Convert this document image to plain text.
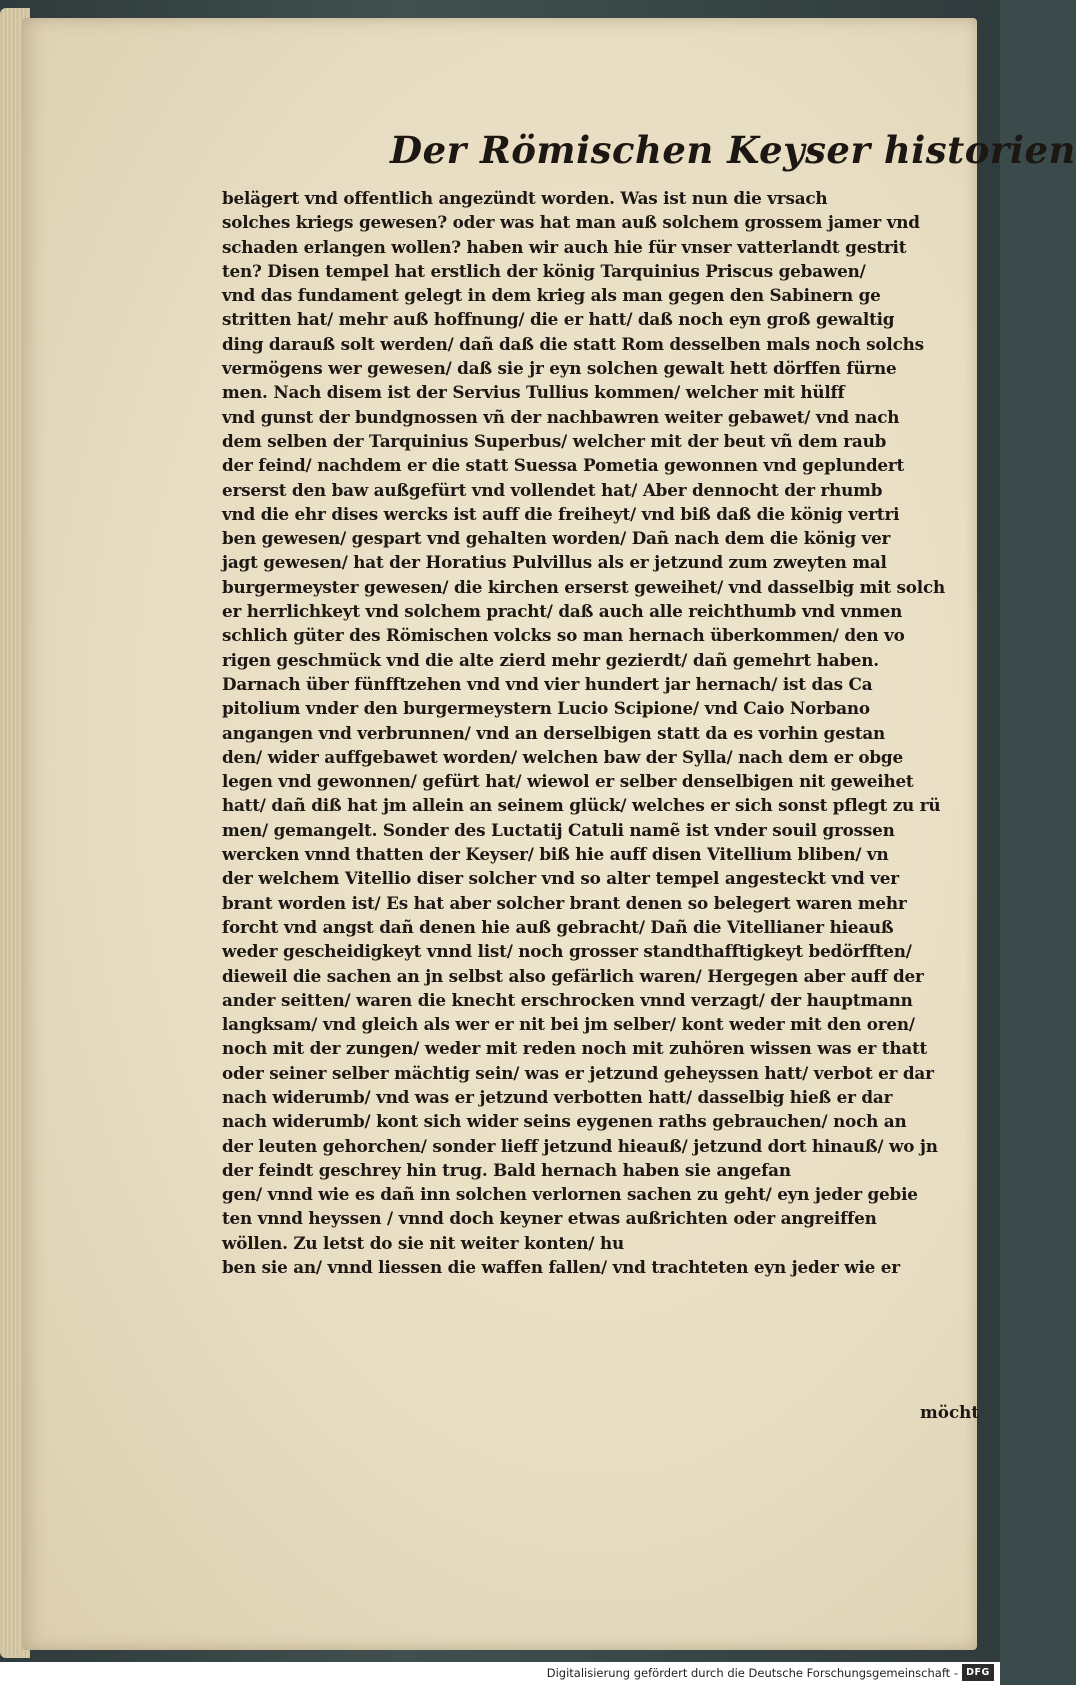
Der Römischen Keyser historien
belägert vnd offentlich angezündt worden. Was ist nun die vrsach
solches kriegs gewesen? oder was hat man auß solchem grossem jamer vnd
schaden erlangen wollen? haben wir auch hie für vnser vatterlandt gestrit
ten? Disen tempel hat erstlich der könig Tarquinius Priscus gebawen/
vnd das fundament gelegt in dem krieg als man gegen den Sabinern ge
stritten hat/ mehr auß hoffnung/ die er hatt/ daß noch eyn groß gewaltig
ding darauß solt werden/ dañ daß die statt Rom desselben mals noch solchs
vermögens wer gewesen/ daß sie jr eyn solchen gewalt hett dörffen fürne
men. Nach disem ist der Servius Tullius kommen/ welcher mit hülff
vnd gunst der bundgnossen vñ der nachbawren weiter gebawet/ vnd nach
dem selben der Tarquinius Superbus/ welcher mit der beut vñ dem raub
der feind/ nachdem er die statt Suessa Pometia gewonnen vnd geplundert
erserst den baw außgefürt vnd vollendet hat/ Aber dennocht der rhumb
vnd die ehr dises wercks ist auff die freiheyt/ vnd biß daß die könig vertri
ben gewesen/ gespart vnd gehalten worden/ Dañ nach dem die könig ver
jagt gewesen/ hat der Horatius Pulvillus als er jetzund zum zweyten mal
burgermeyster gewesen/ die kirchen erserst geweihet/ vnd dasselbig mit solch
er herrlichkeyt vnd solchem pracht/ daß auch alle reichthumb vnd vnmen
schlich güter des Römischen volcks so man hernach überkommen/ den vo
rigen geschmück vnd die alte zierd mehr gezierdt/ dañ gemehrt haben.
Darnach über fünfftzehen vnd vnd vier hundert jar hernach/ ist das Ca
pitolium vnder den burgermeystern Lucio Scipione/ vnd Caio Norbano
angangen vnd verbrunnen/ vnd an derselbigen statt da es vorhin gestan
den/ wider auffgebawet worden/ welchen baw der Sylla/ nach dem er obge
legen vnd gewonnen/ gefürt hat/ wiewol er selber denselbigen nit geweihet
hatt/ dañ diß hat jm allein an seinem glück/ welches er sich sonst pflegt zu rü
men/ gemangelt. Sonder des Luctatij Catuli namẽ ist vnder souil grossen
wercken vnnd thatten der Keyser/ biß hie auff disen Vitellium bliben/ vn
der welchem Vitellio diser solcher vnd so alter tempel angesteckt vnd ver
brant worden ist/ Es hat aber solcher brant denen so belegert waren mehr
forcht vnd angst dañ denen hie auß gebracht/ Dañ die Vitellianer hieauß
weder gescheidigkeyt vnnd list/ noch grosser standthafftigkeyt bedörfften/
dieweil die sachen an jn selbst also gefärlich waren/ Hergegen aber auff der
ander seitten/ waren die knecht erschrocken vnnd verzagt/ der hauptmann
langksam/ vnd gleich als wer er nit bei jm selber/ kont weder mit den oren/
noch mit der zungen/ weder mit reden noch mit zuhören wissen was er thatt
oder seiner selber mächtig sein/ was er jetzund geheyssen hatt/ verbot er dar
nach widerumb/ vnd was er jetzund verbotten hatt/ dasselbig hieß er dar
nach widerumb/ kont sich wider seins eygenen raths gebrauchen/ noch an
der leuten gehorchen/ sonder lieff jetzund hieauß/ jetzund dort hinauß/ wo jn
der feindt geschrey hin trug. Bald hernach haben sie angefan
gen/ vnnd wie es dañ inn solchen verlornen sachen zu geht/ eyn jeder gebie
ten vnnd heyssen / vnnd doch keyner etwas außrichten oder angreiffen
wöllen. Zu letst do sie nit weiter konten/ hu
ben sie an/ vnnd liessen die waffen fallen/ vnd trachteten eyn jeder wie er
möcht
Digitalisierung gefördert durch die Deutsche Forschungsgemeinschaft - DFG
